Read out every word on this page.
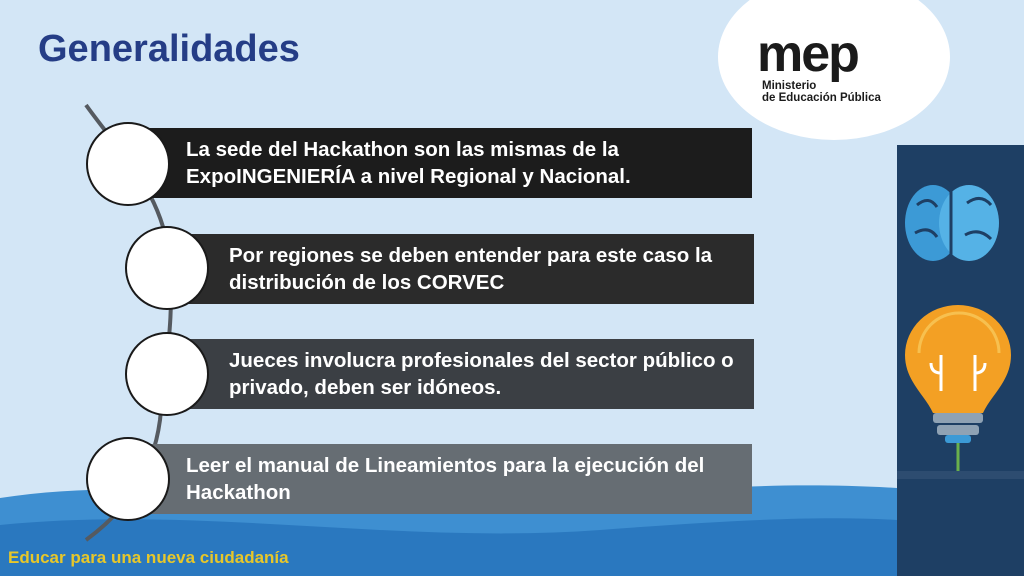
Generalidades	mep
Ministerio
de Educación Pública
La sede del Hackathon son las mismas de la ExpoINGENIERÍA a nivel Regional y Nacional.
Por regiones se deben entender para este caso la distribución de los CORVEC
Jueces involucra profesionales del sector público o privado, deben ser idóneos.
Leer el manual de Lineamientos para la ejecución del Hackathon
Educar para una nueva ciudadanía
